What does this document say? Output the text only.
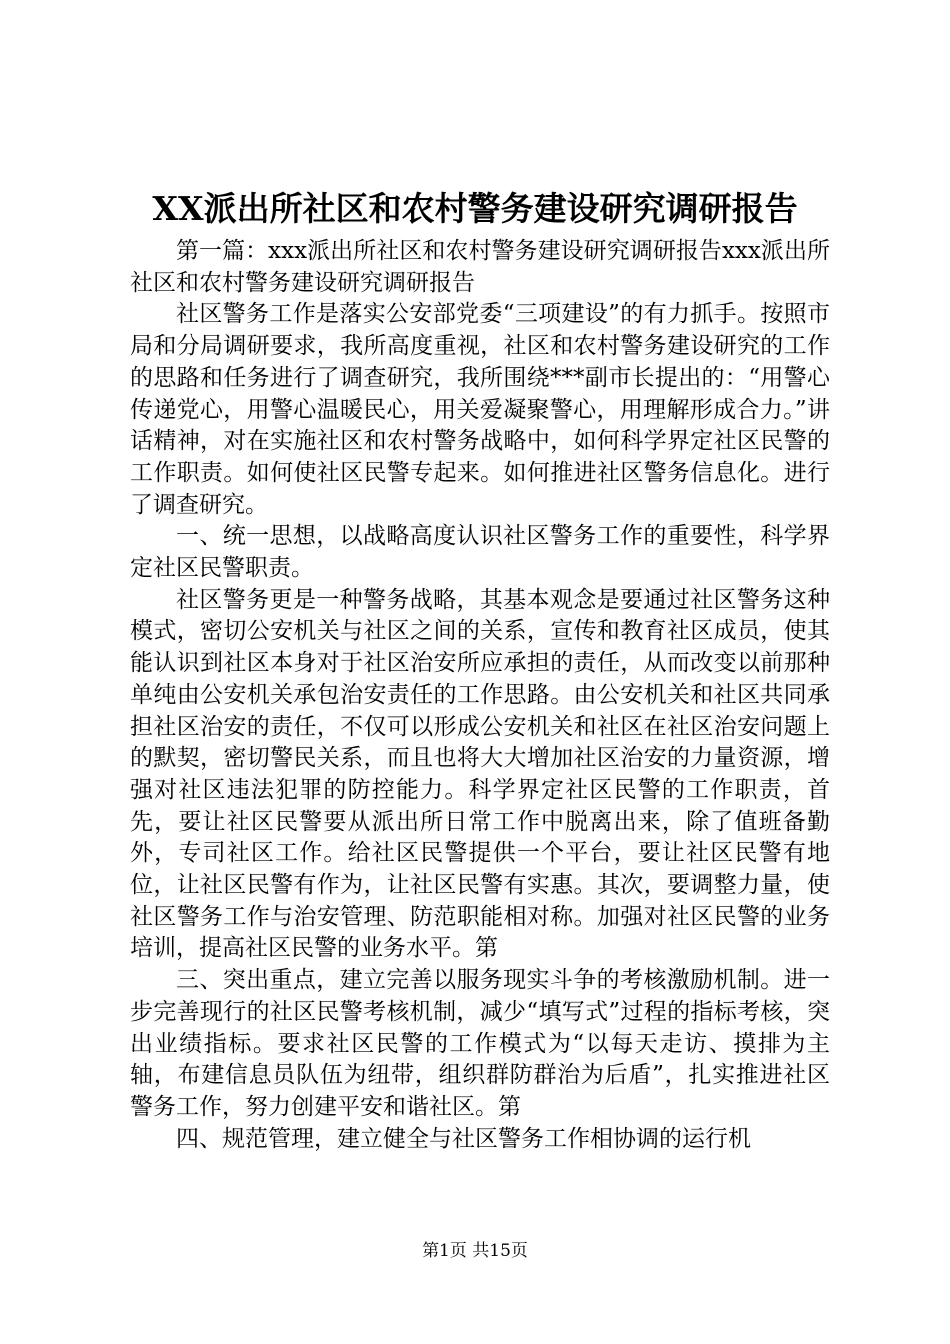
XX派出所社区和农村警务建设研究调研报告

第一篇：xxx派出所社区和农村警务建设研究调研报告xxx派出所社区和农村警务建设研究调研报告

社区警务工作是落实公安部党委“三项建设”的有力抓手。按照市局和分局调研要求，我所高度重视，社区和农村警务建设研究的工作的思路和任务进行了调查研究，我所围绕***副市长提出的：“用警心传递党心，用警心温暖民心，用关爱凝聚警心，用理解形成合力。”讲话精神，对在实施社区和农村警务战略中，如何科学界定社区民警的工作职责。如何使社区民警专起来。如何推进社区警务信息化。进行了调查研究。

一、统一思想，以战略高度认识社区警务工作的重要性，科学界定社区民警职责。

社区警务更是一种警务战略，其基本观念是要通过社区警务这种模式，密切公安机关与社区之间的关系，宣传和教育社区成员，使其能认识到社区本身对于社区治安所应承担的责任，从而改变以前那种单纯由公安机关承包治安责任的工作思路。由公安机关和社区共同承担社区治安的责任，不仅可以形成公安机关和社区在社区治安问题上的默契，密切警民关系，而且也将大大增加社区治安的力量资源，增强对社区违法犯罪的防控能力。科学界定社区民警的工作职责，首先，要让社区民警要从派出所日常工作中脱离出来，除了值班备勤外，专司社区工作。给社区民警提供一个平台，要让社区民警有地位，让社区民警有作为，让社区民警有实惠。其次，要调整力量，使社区警务工作与治安管理、防范职能相对称。加强对社区民警的业务培训，提高社区民警的业务水平。第

三、突出重点，建立完善以服务现实斗争的考核激励机制。进一步完善现行的社区民警考核机制，减少“填写式”过程的指标考核，突出业绩指标。要求社区民警的工作模式为“以每天走访、摸排为主轴，布建信息员队伍为纽带，组织群防群治为后盾”，扎实推进社区警务工作，努力创建平安和谐社区。第

四、规范管理，建立健全与社区警务工作相协调的运行机

第1页 共15页
